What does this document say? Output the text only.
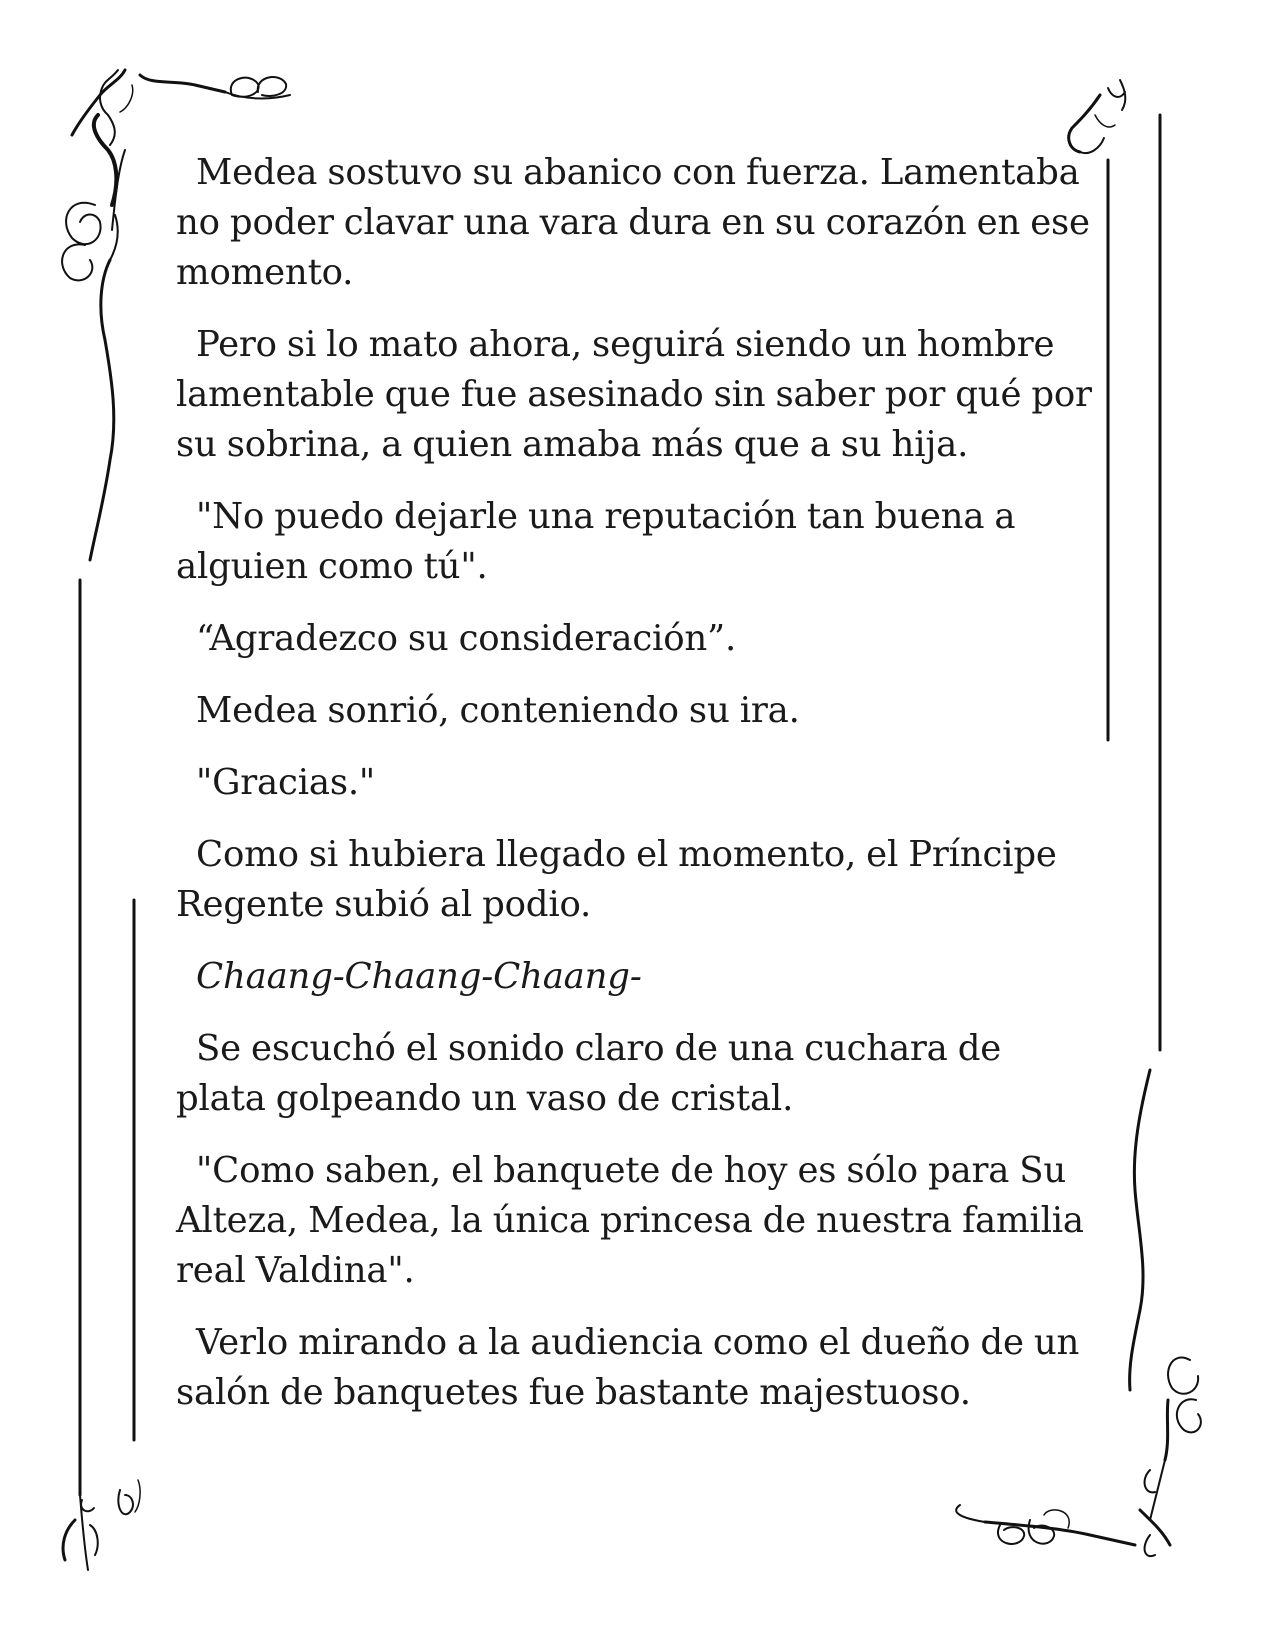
Medea sostuvo su abanico con fuerza. Lamentaba no poder clavar una vara dura en su corazón en ese momento.

Pero si lo mato ahora, seguirá siendo un hombre lamentable que fue asesinado sin saber por qué por su sobrina, a quien amaba más que a su hija.

"No puedo dejarle una reputación tan buena a alguien como tú".

“Agradezco su consideración”.

Medea sonrió, conteniendo su ira.

"Gracias."

Como si hubiera llegado el momento, el Príncipe Regente subió al podio.

Chaang-Chaang-Chaang-

Se escuchó el sonido claro de una cuchara de plata golpeando un vaso de cristal.

"Como saben, el banquete de hoy es sólo para Su Alteza, Medea, la única princesa de nuestra familia real Valdina".

Verlo mirando a la audiencia como el dueño de un salón de banquetes fue bastante majestuoso.
